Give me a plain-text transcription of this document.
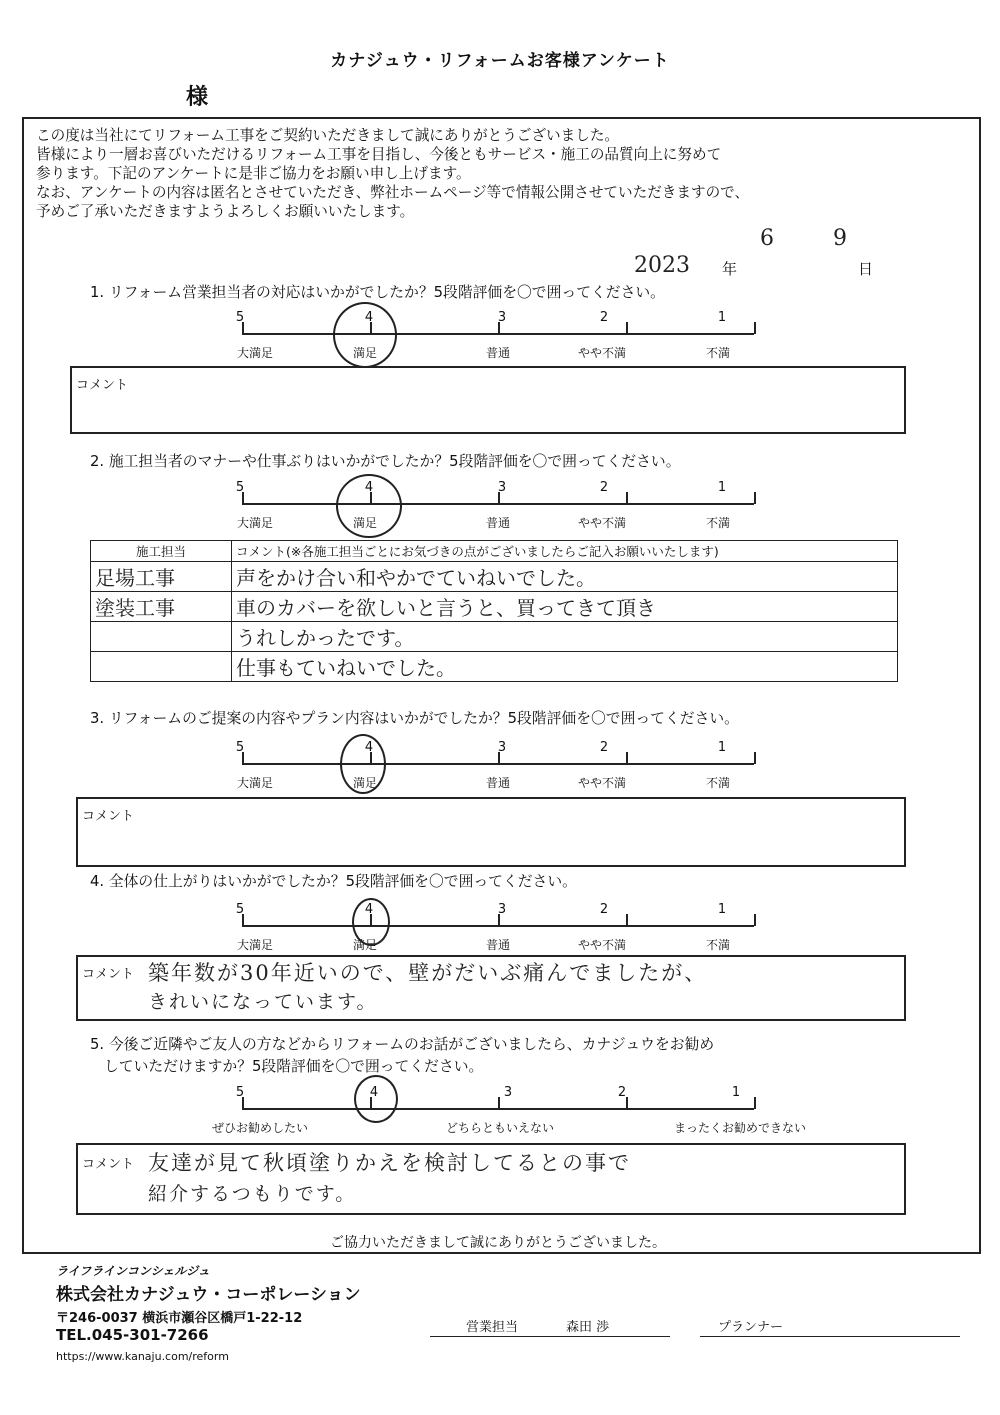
カナジュウ・リフォームお客様アンケート
様
この度は当社にてリフォーム工事をご契約いただきまして誠にありがとうございました。
皆様により一層お喜びいただけるリフォーム工事を目指し、今後ともサービス・施工の品質向上に努めて
参ります。下記のアンケートに是非ご協力をお願い申し上げます。
なお、アンケートの内容は匿名とさせていただき、弊社ホームページ等で情報公開させていただきますので、
予めご了承いただきますようよろしくお願いいたします。
6 9
2023 年	日
1. リフォーム営業担当者の対応はいかがでしたか？5段階評価を〇で囲ってください。
5	4	3	2	1
大満足	満足	普通	やや不満	不満
コメント
2. 施工担当者のマナーや仕事ぶりはいかがでしたか？5段階評価を〇で囲ってください。
5	4	3	2	1
大満足	満足	普通	やや不満	不満
施工担当	コメント(※各施工担当ごとにお気づきの点がございましたらご記入お願いいたします)
足場工事	声をかけ合い和やかでていねいでした。
塗装工事	車のカバーを欲しいと言うと、買ってきて頂き
	うれしかったです。
	仕事もていねいでした。
3. リフォームのご提案の内容やプラン内容はいかがでしたか？5段階評価を〇で囲ってください。
5	4	3	2	1
大満足	満足	普通	やや不満	不満
コメント
4. 全体の仕上がりはいかがでしたか？5段階評価を〇で囲ってください。
5	4	3	2	1
大満足	満足	普通	やや不満	不満
コメント 築年数が30年近いので、壁がだいぶ痛んでましたが、
きれいになっています。
5. 今後ご近隣やご友人の方などからリフォームのお話がございましたら、カナジュウをお勧め
していただけますか？5段階評価を〇で囲ってください。
5	4	3	2	1
ぜひお勧めしたい	どちらともいえない	まったくお勧めできない
コメント 友達が見て秋頃塗りかえを検討してるとの事で
紹介するつもりです。
ご協力いただきまして誠にありがとうございました。
ライフラインコンシェルジュ
株式会社カナジュウ・コーポレーション
〒246-0037 横浜市瀬谷区橋戸1-22-12
TEL.045-301-7266
https://www.kanaju.com/reform
営業担当	森田 渉	プランナー
